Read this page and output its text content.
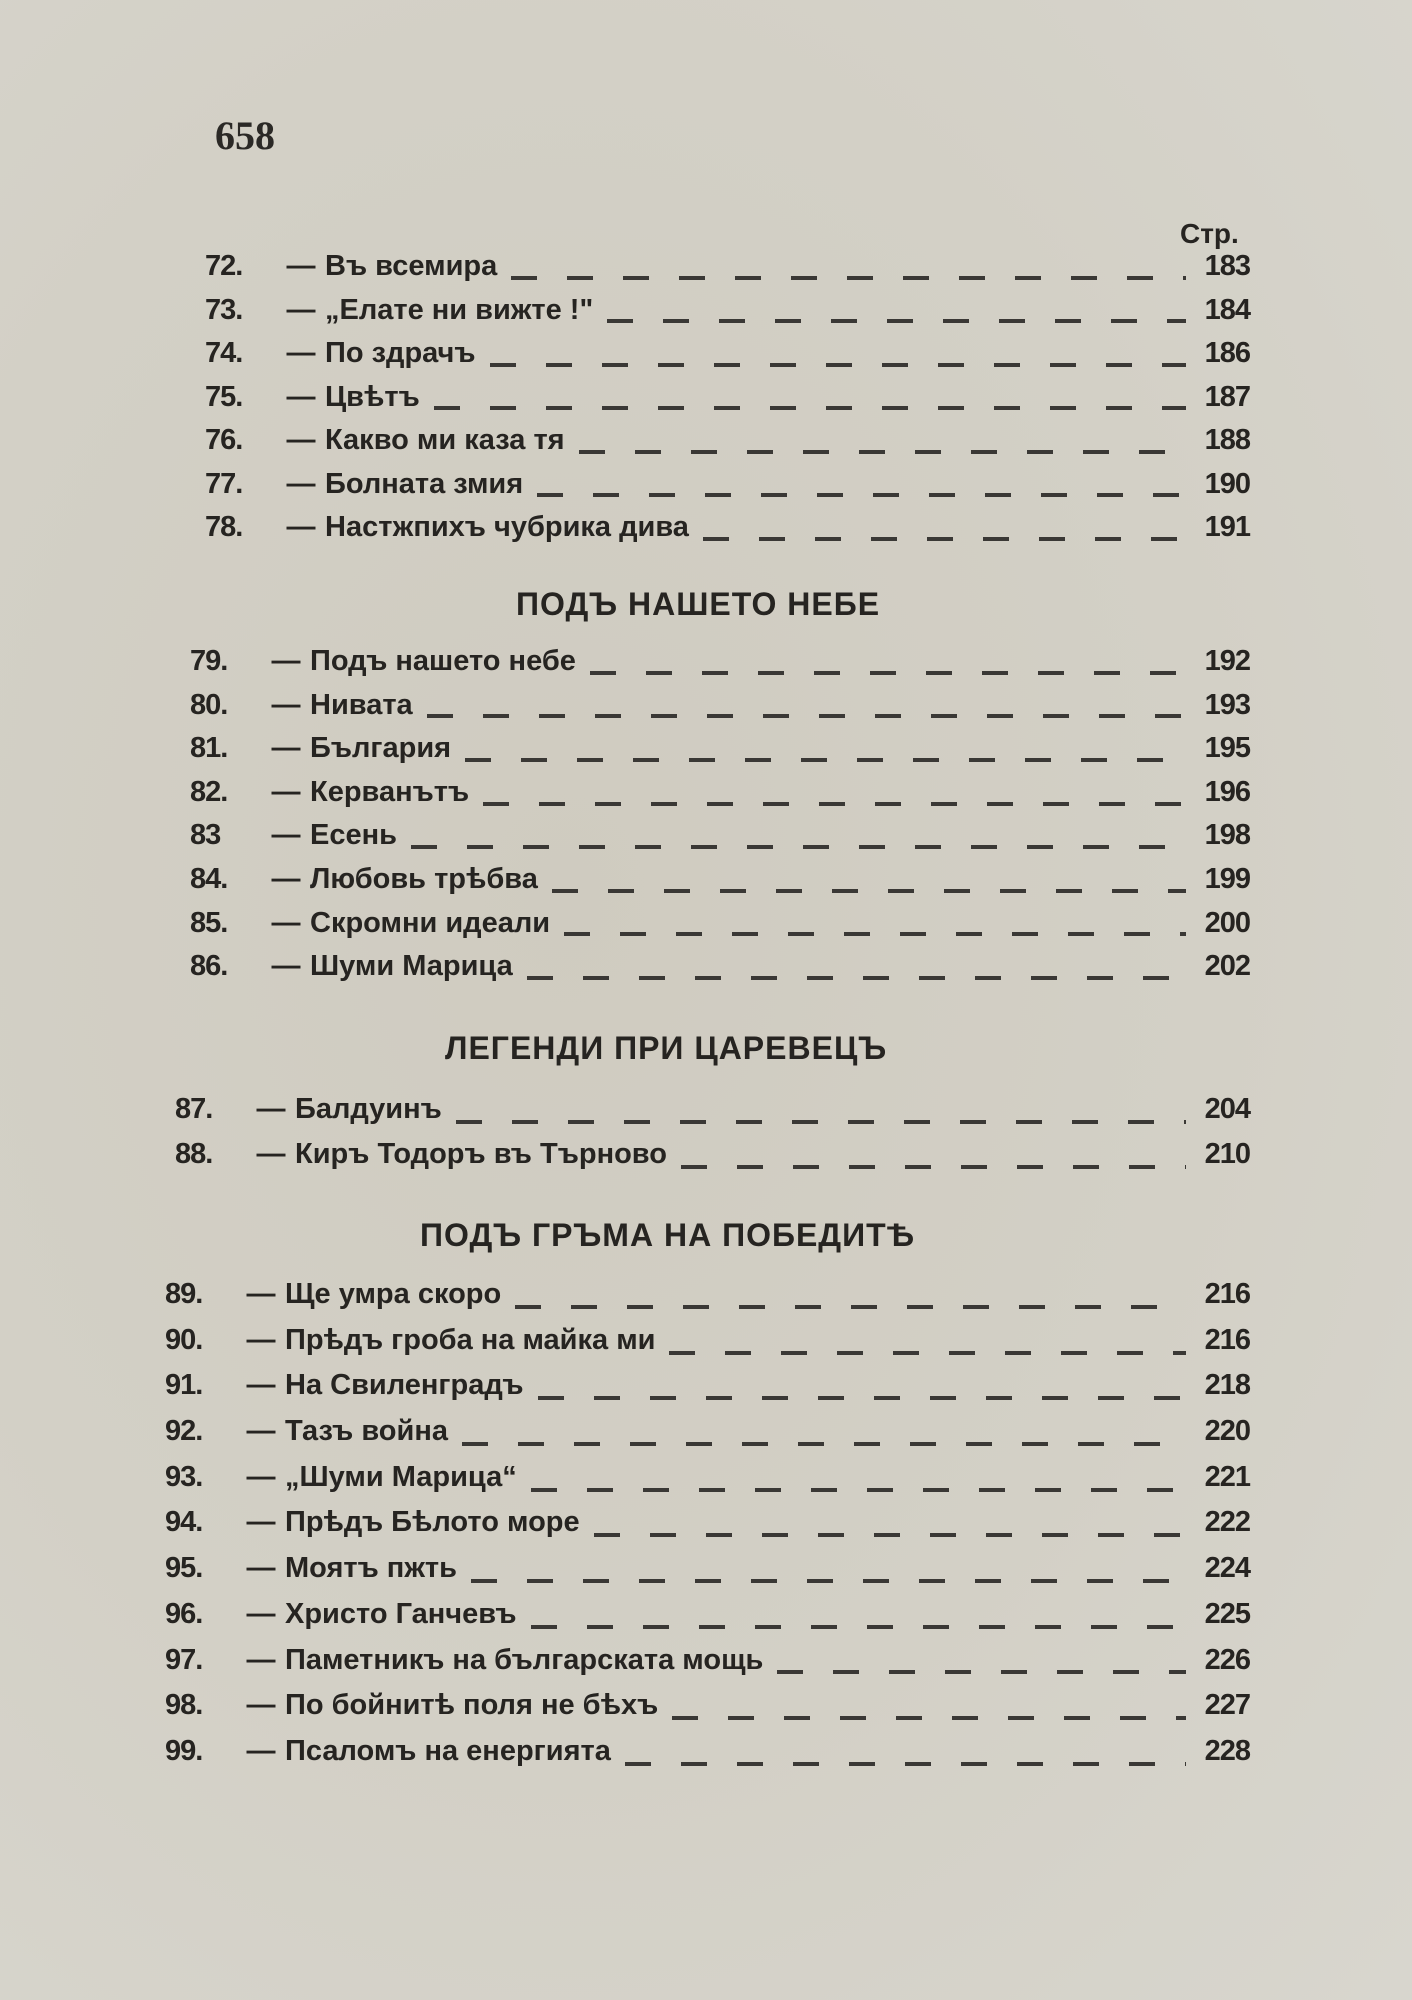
658
Стр.
72.	— Въ всемира	183
73.	— „Елате ни вижте !"	184
74.	— По здрачъ	186
75.	— Цвѣтъ	187
76.	— Какво ми каза тя	188
77.	— Болната змия	190
78.	— Настжпихъ чубрика дива	191
ПОДЪ НАШЕТО НЕБЕ
79.	— Подъ нашето небе	192
80.	— Нивата	193
81.	— България	195
82.	— Керванътъ	196
83	— Есень	198
84.	— Любовь трѣбва	199
85.	— Скромни идеали	200
86.	— Шуми Марица	202
ЛЕГЕНДИ ПРИ ЦАРЕВЕЦЪ
87.	— Балдуинъ	204
88.	— Киръ Тодоръ въ Търново	210
ПОДЪ ГРЪМА НА ПОБЕДИТѢ
89.	— Ще умра скоро	216
90.	— Прѣдъ гроба на майка ми	216
91.	— На Свиленградъ	218
92.	— Тазъ война	220
93.	— „Шуми Марица“	221
94.	— Прѣдъ Бѣлото море	222
95.	— Моятъ пжть	224
96.	— Христо Ганчевъ	225
97.	— Паметникъ на българската мощь	226
98.	— По бойнитѣ поля не бѣхъ	227
99.	— Псаломъ на енергията	228
